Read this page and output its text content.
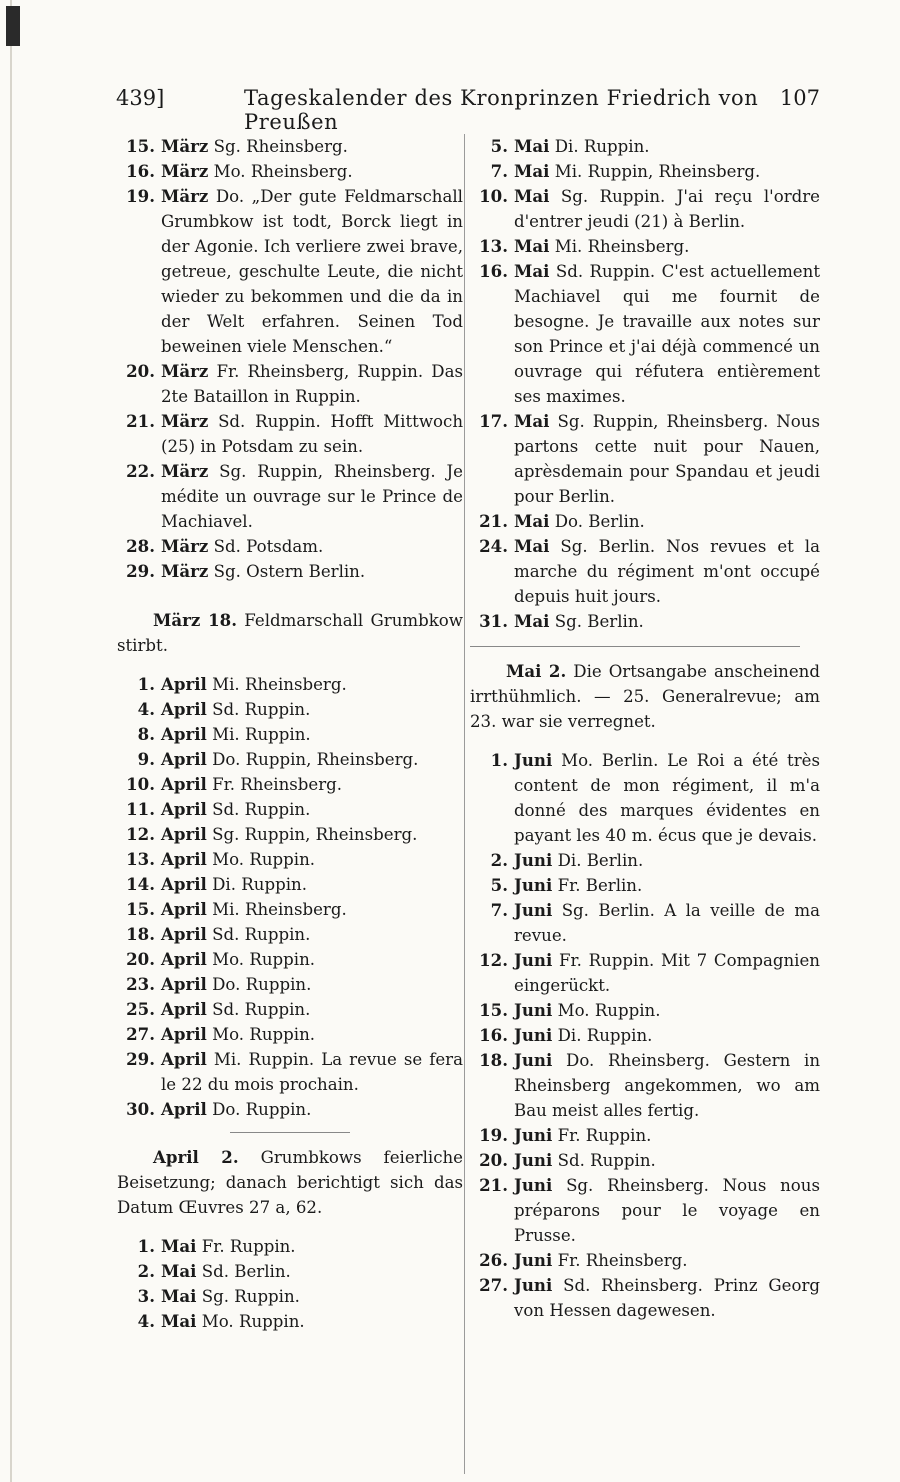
439]	Tageskalender des Kronprinzen Friedrich von Preußen
107
15. März Sg. Rheinsberg.
16. März Mo. Rheinsberg.
19. März Do. „Der gute Feldmarschall Grumbkow ist todt, Borck liegt in der Agonie. Ich verliere zwei brave, getreue, geschulte Leute, die nicht wieder zu bekommen und die da in der Welt erfahren. Seinen Tod beweinen viele Menschen.“
20. März Fr. Rheinsberg, Ruppin. Das 2te Bataillon in Ruppin.
21. März Sd. Ruppin. Hofft Mittwoch (25) in Potsdam zu sein.
22. März Sg. Ruppin, Rheinsberg. Je médite un ouvrage sur le Prince de Machiavel.
28. März Sd. Potsdam.
29. März Sg. Ostern Berlin.
März 18. Feldmarschall Grumbkow stirbt.
1. April Mi. Rheinsberg.
4. April Sd. Ruppin.
8. April Mi. Ruppin.
9. April Do. Ruppin, Rheinsberg.
10. April Fr. Rheinsberg.
11. April Sd. Ruppin.
12. April Sg. Ruppin, Rheinsberg.
13. April Mo. Ruppin.
14. April Di. Ruppin.
15. April Mi. Rheinsberg.
18. April Sd. Ruppin.
20. April Mo. Ruppin.
23. April Do. Ruppin.
25. April Sd. Ruppin.
27. April Mo. Ruppin.
29. April Mi. Ruppin. La revue se fera le 22 du mois prochain.
30. April Do. Ruppin.
April 2. Grumbkows feierliche Beisetzung; danach berichtigt sich das Datum Œuvres 27 a, 62.
1. Mai Fr. Ruppin.
2. Mai Sd. Berlin.
3. Mai Sg. Ruppin.
4. Mai Mo. Ruppin.
5. Mai Di. Ruppin.
7. Mai Mi. Ruppin, Rheinsberg.
10. Mai Sg. Ruppin. J'ai reçu l'ordre d'entrer jeudi (21) à Berlin.
13. Mai Mi. Rheinsberg.
16. Mai Sd. Ruppin. C'est actuellement Machiavel qui me fournit de besogne. Je travaille aux notes sur son Prince et j'ai déjà commencé un ouvrage qui réfutera entièrement ses maximes.
17. Mai Sg. Ruppin, Rheinsberg. Nous partons cette nuit pour Nauen, aprèsdemain pour Spandau et jeudi pour Berlin.
21. Mai Do. Berlin.
24. Mai Sg. Berlin. Nos revues et la marche du régiment m'ont occupé depuis huit jours.
31. Mai Sg. Berlin.
Mai 2. Die Ortsangabe anscheinend irrthühmlich. — 25. Generalrevue; am 23. war sie verregnet.
1. Juni Mo. Berlin. Le Roi a été très content de mon régiment, il m'a donné des marques évidentes en payant les 40 m. écus que je devais.
2. Juni Di. Berlin.
5. Juni Fr. Berlin.
7. Juni Sg. Berlin. A la veille de ma revue.
12. Juni Fr. Ruppin. Mit 7 Compagnien eingerückt.
15. Juni Mo. Ruppin.
16. Juni Di. Ruppin.
18. Juni Do. Rheinsberg. Gestern in Rheinsberg angekommen, wo am Bau meist alles fertig.
19. Juni Fr. Ruppin.
20. Juni Sd. Ruppin.
21. Juni Sg. Rheinsberg. Nous nous préparons pour le voyage en Prusse.
26. Juni Fr. Rheinsberg.
27. Juni Sd. Rheinsberg. Prinz Georg von Hessen dagewesen.
